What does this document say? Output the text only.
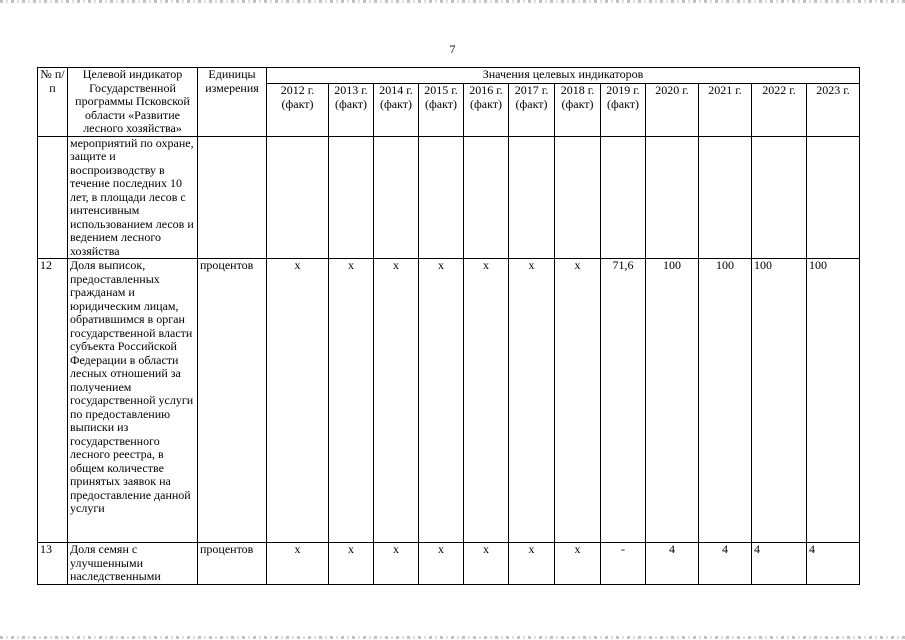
7
№ п/п	Целевой индикатор Государственной программы Псковской области «Развитие лесного хозяйства»	Единицы измерения	Значения целевых индикаторов											
			2012 г. (факт)	2013 г. (факт)	2014 г. (факт)	2015 г. (факт)	2016 г. (факт)	2017 г. (факт)	2018 г. (факт)	2019 г. (факт)	2020 г.	2021 г.	2022 г.	2023 г.
	мероприятий по охране, защите и воспроизводству в течение последних 10 лет, в площади лесов с интенсивным использованием лесов и ведением лесного хозяйства													
12	Доля выписок, предоставленных гражданам и юридическим лицам, обратившимся в орган государственной власти субъекта Российской Федерации в области лесных отношений за получением государственной услуги по предоставлению выписки из государственного лесного реестра, в общем количестве принятых заявок на предоставление данной услуги	процентов	x	x	x	x	x	x	x	71,6	100	100	100	100
13	Доля семян с улучшенными наследственными	процентов	x	x	x	x	x	x	x	-	4	4	4	4
